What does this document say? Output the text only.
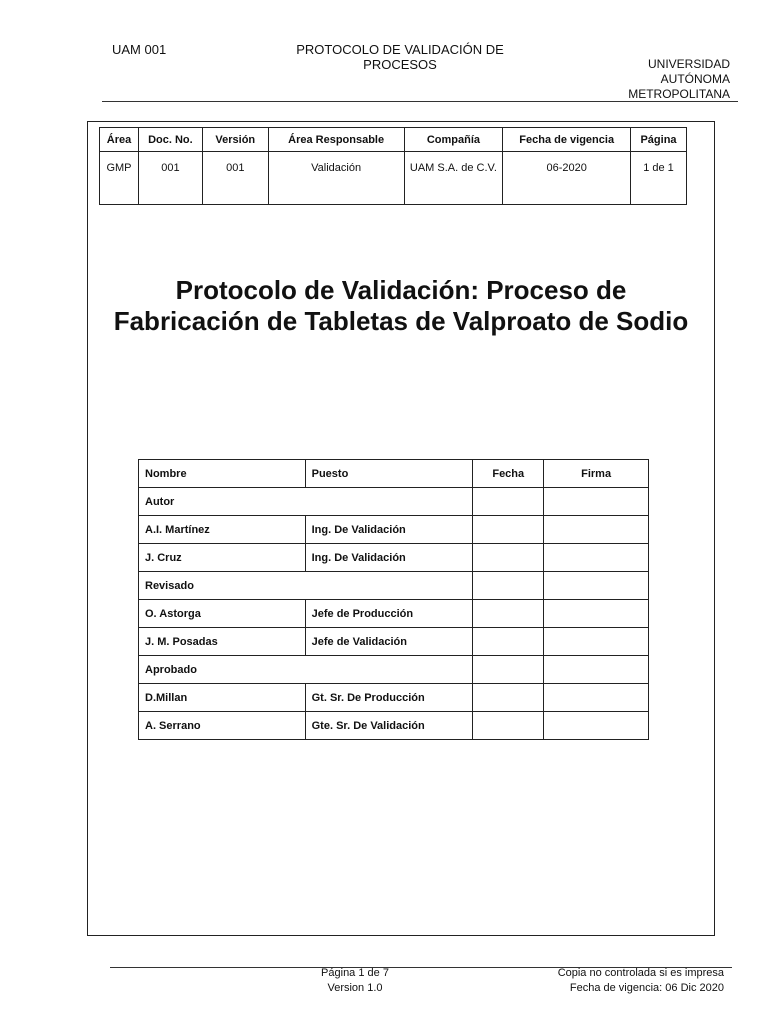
UAM 001	PROTOCOLO DE VALIDACIÓN DE PROCESOS	UNIVERSIDAD
AUTÓNOMA
METROPOLITANA
Área	Doc. No.	Versión	Área Responsable	Compañía	Fecha de vigencia	Página
GMP	001	001	Validación	UAM S.A. de C.V.	06-2020	1 de 1
Protocolo de Validación: Proceso de Fabricación de Tabletas de Valproato de Sodio
Nombre	Puesto	Fecha	Firma
Autor			
A.I. Martínez	Ing. De Validación		
J. Cruz	Ing. De Validación		
Revisado			
O. Astorga	Jefe de Producción		
J. M. Posadas	Jefe de Validación		
Aprobado			
D.Millan	Gt. Sr. De Producción		
A. Serrano	Gte. Sr. De Validación		
Página 1 de 7
Version 1.0
Copia no controlada si es impresa
Fecha de vigencia: 06 Dic 2020
